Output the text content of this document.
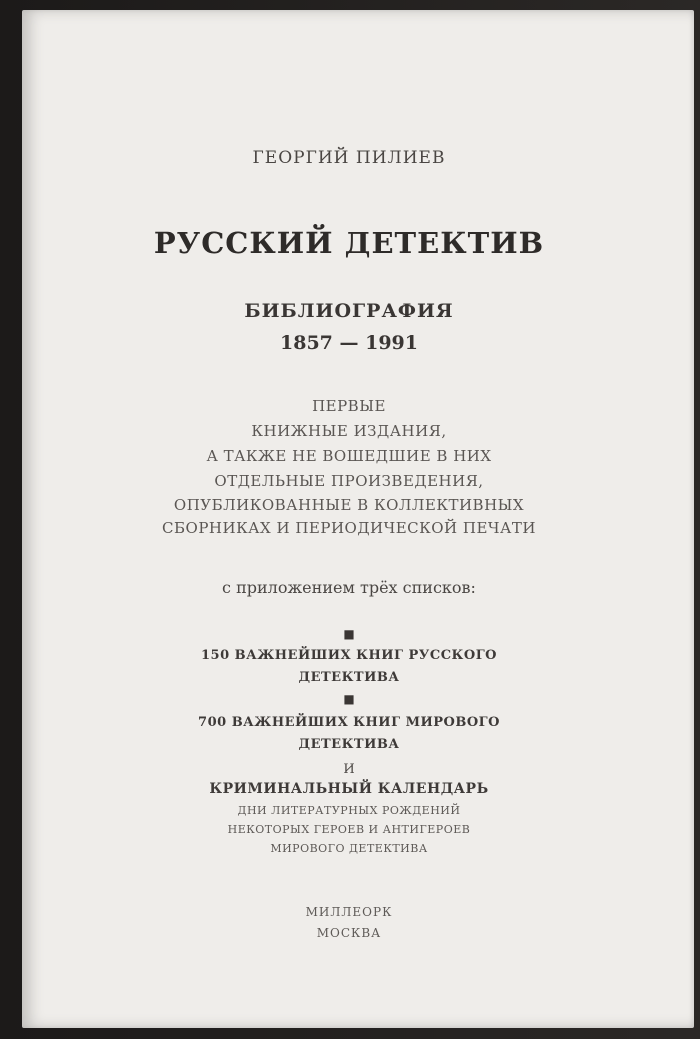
ГЕОРГИЙ ПИЛИЕВ
РУССКИЙ ДЕТЕКТИВ
БИБЛИОГРАФИЯ
1857 — 1991
ПЕРВЫЕ
КНИЖНЫЕ ИЗДАНИЯ,
А ТАКЖЕ НЕ ВОШЕДШИЕ В НИХ
ОТДЕЛЬНЫЕ ПРОИЗВЕДЕНИЯ,
ОПУБЛИКОВАННЫЕ В КОЛЛЕКТИВНЫХ
СБОРНИКАХ И ПЕРИОДИЧЕСКОЙ ПЕЧАТИ
с приложением трёх списков:
■
150 ВАЖНЕЙШИХ КНИГ РУССКОГО
ДЕТЕКТИВА
■
700 ВАЖНЕЙШИХ КНИГ МИРОВОГО
ДЕТЕКТИВА
И
КРИМИНАЛЬНЫЙ КАЛЕНДАРЬ
ДНИ ЛИТЕРАТУРНЫХ РОЖДЕНИЙ
НЕКОТОРЫХ ГЕРОЕВ И АНТИГЕРОЕВ
МИРОВОГО ДЕТЕКТИВА
МИЛЛЕОРК
МОСКВА
